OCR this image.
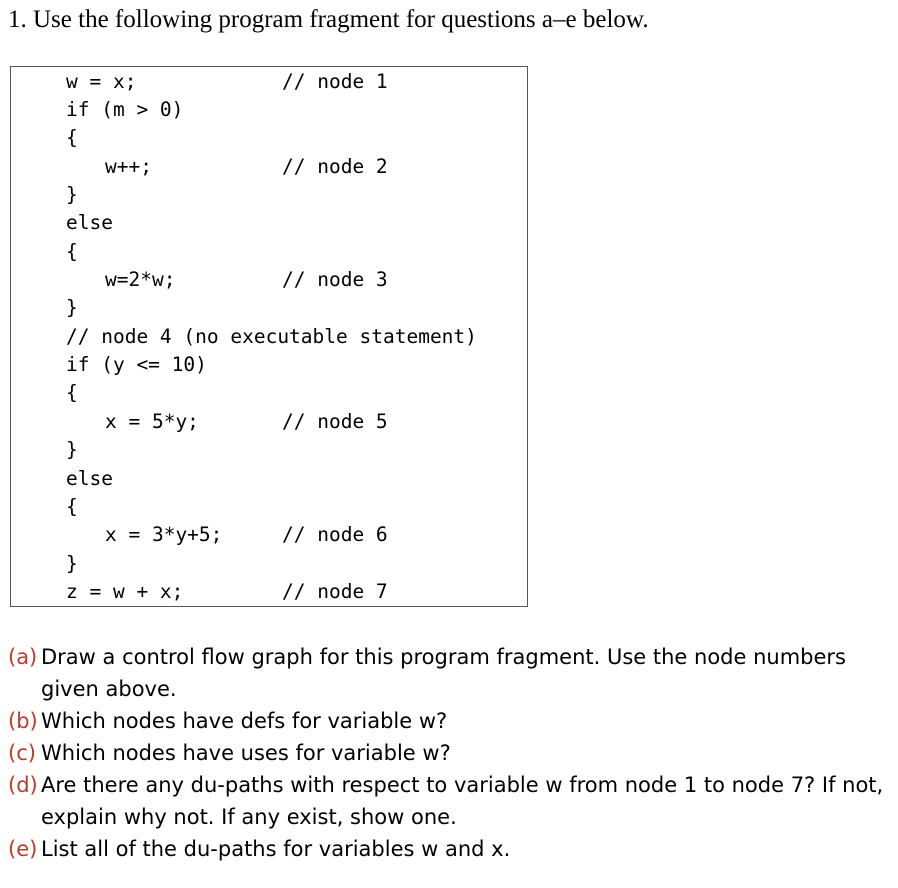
1. Use the following program fragment for questions a–e below.
w = x;	// node 1
if (m > 0)
{
w++;	// node 2
}
else
{
w=2*w;	// node 3
}
// node 4 (no executable statement)
if (y <= 10)
{
x = 5*y;	// node 5
}
else
{
x = 3*y+5;	// node 6
}
z = w + x;	// node 7
(a) Draw a control flow graph for this program fragment. Use the node numbers given above.
(b) Which nodes have defs for variable w?
(c) Which nodes have uses for variable w?
(d) Are there any du-paths with respect to variable w from node 1 to node 7? If not, explain why not. If any exist, show one.
(e) List all of the du-paths for variables w and x.
